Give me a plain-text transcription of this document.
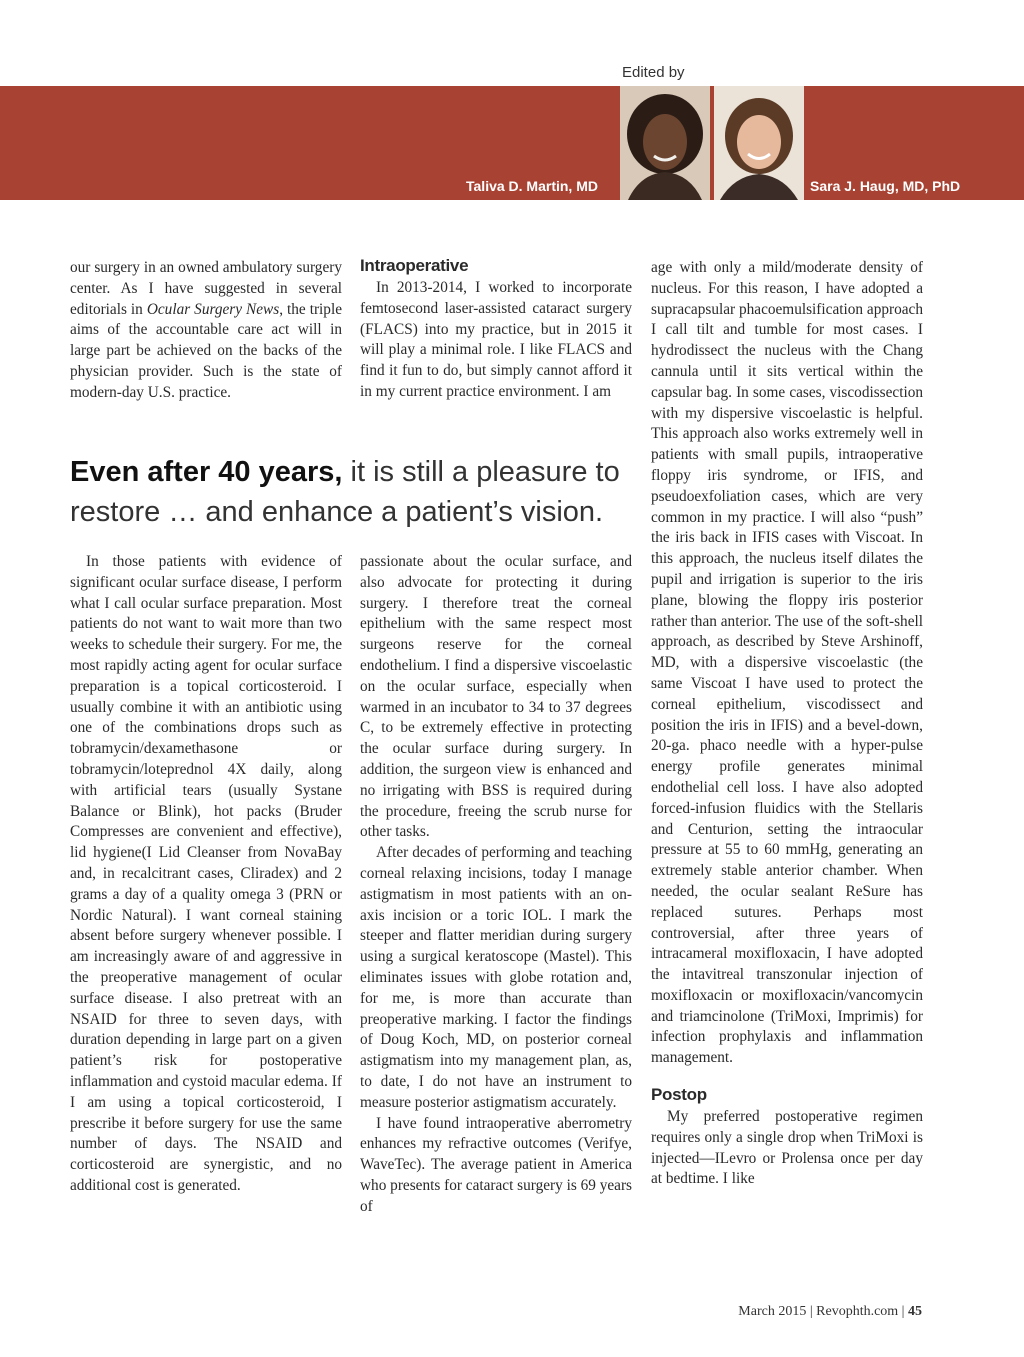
Edited by
Taliva D. Martin, MD	Sara J. Haug, MD, PhD

our surgery in an owned ambulatory surgery center. As I have suggested in several editorials in Ocular Surgery News, the triple aims of the accountable care act will in large part be achieved on the backs of the physician provider. Such is the state of modern-day U.S. practice.

Intraoperative

In 2013-2014, I worked to incorporate femtosecond laser-assisted cataract surgery (FLACS) into my practice, but in 2015 it will play a minimal role. I like FLACS and find it fun to do, but simply cannot afford it in my current practice environment. I am

Even after 40 years, it is still a pleasure to restore … and enhance a patient’s vision.

In those patients with evidence of significant ocular surface disease, I perform what I call ocular surface preparation. Most patients do not want to wait more than two weeks to schedule their surgery. For me, the most rapidly acting agent for ocular surface preparation is a topical corticosteroid. I usually combine it with an antibiotic using one of the combinations drops such as tobramycin/dexamethasone or tobramycin/loteprednol 4X daily, along with artificial tears (usually Systane Balance or Blink), hot packs (Bruder Compresses are convenient and effective), lid hygiene(I Lid Cleanser from NovaBay and, in recalcitrant cases, Cliradex) and 2 grams a day of a quality omega 3 (PRN or Nordic Natural). I want corneal staining absent before surgery whenever possible. I am increasingly aware of and aggressive in the preoperative management of ocular surface disease. I also pretreat with an NSAID for three to seven days, with duration depending in large part on a given patient’s risk for postoperative inflammation and cystoid macular edema. If I am using a topical corticosteroid, I prescribe it before surgery for use the same number of days. The NSAID and corticosteroid are synergistic, and no additional cost is generated.

passionate about the ocular surface, and also advocate for protecting it during surgery. I therefore treat the corneal epithelium with the same respect most surgeons reserve for the corneal endothelium. I find a dispersive viscoelastic on the ocular surface, especially when warmed in an incubator to 34 to 37 degrees C, to be extremely effective in protecting the ocular surface during surgery. In addition, the surgeon view is enhanced and no irrigating with BSS is required during the procedure, freeing the scrub nurse for other tasks.

After decades of performing and teaching corneal relaxing incisions, today I manage astigmatism in most patients with an on-axis incision or a toric IOL. I mark the steeper and flatter meridian during surgery using a surgical keratoscope (Mastel). This eliminates issues with globe rotation and, for me, is more than accurate than preoperative marking. I factor the findings of Doug Koch, MD, on posterior corneal astigmatism into my management plan, as, to date, I do not have an instrument to measure posterior astigmatism accurately.

I have found intraoperative aberrometry enhances my refractive outcomes (Verifye, WaveTec). The average patient in America who presents for cataract surgery is 69 years of

age with only a mild/moderate density of nucleus. For this reason, I have adopted a supracapsular phacoemulsification approach I call tilt and tumble for most cases. I hydrodissect the nucleus with the Chang cannula until it sits vertical within the capsular bag. In some cases, viscodissection with my dispersive viscoelastic is helpful. This approach also works extremely well in patients with small pupils, intraoperative floppy iris syndrome, or IFIS, and pseudoexfoliation cases, which are very common in my practice. I will also “push” the iris back in IFIS cases with Viscoat. In this approach, the nucleus itself dilates the pupil and irrigation is superior to the iris plane, blowing the floppy iris posterior rather than anterior. The use of the soft-shell approach, as described by Steve Arshinoff, MD, with a dispersive viscoelastic (the same Viscoat I have used to protect the corneal epithelium, viscodissect and position the iris in IFIS) and a bevel-down, 20-ga. phaco needle with a hyper-pulse energy profile generates minimal endothelial cell loss. I have also adopted forced-infusion fluidics with the Stellaris and Centurion, setting the intraocular pressure at 55 to 60 mmHg, generating an extremely stable anterior chamber. When needed, the ocular sealant ReSure has replaced sutures. Perhaps most controversial, after three years of intracameral moxifloxacin, I have adopted the intavitreal transzonular injection of moxifloxacin or moxifloxacin/vancomycin and triamcinolone (TriMoxi, Imprimis) for infection prophylaxis and inflammation management.

Postop

My preferred postoperative regimen requires only a single drop when TriMoxi is injected—ILevro or Prolensa once per day at bedtime. I like

March 2015 | Revophth.com | 45
